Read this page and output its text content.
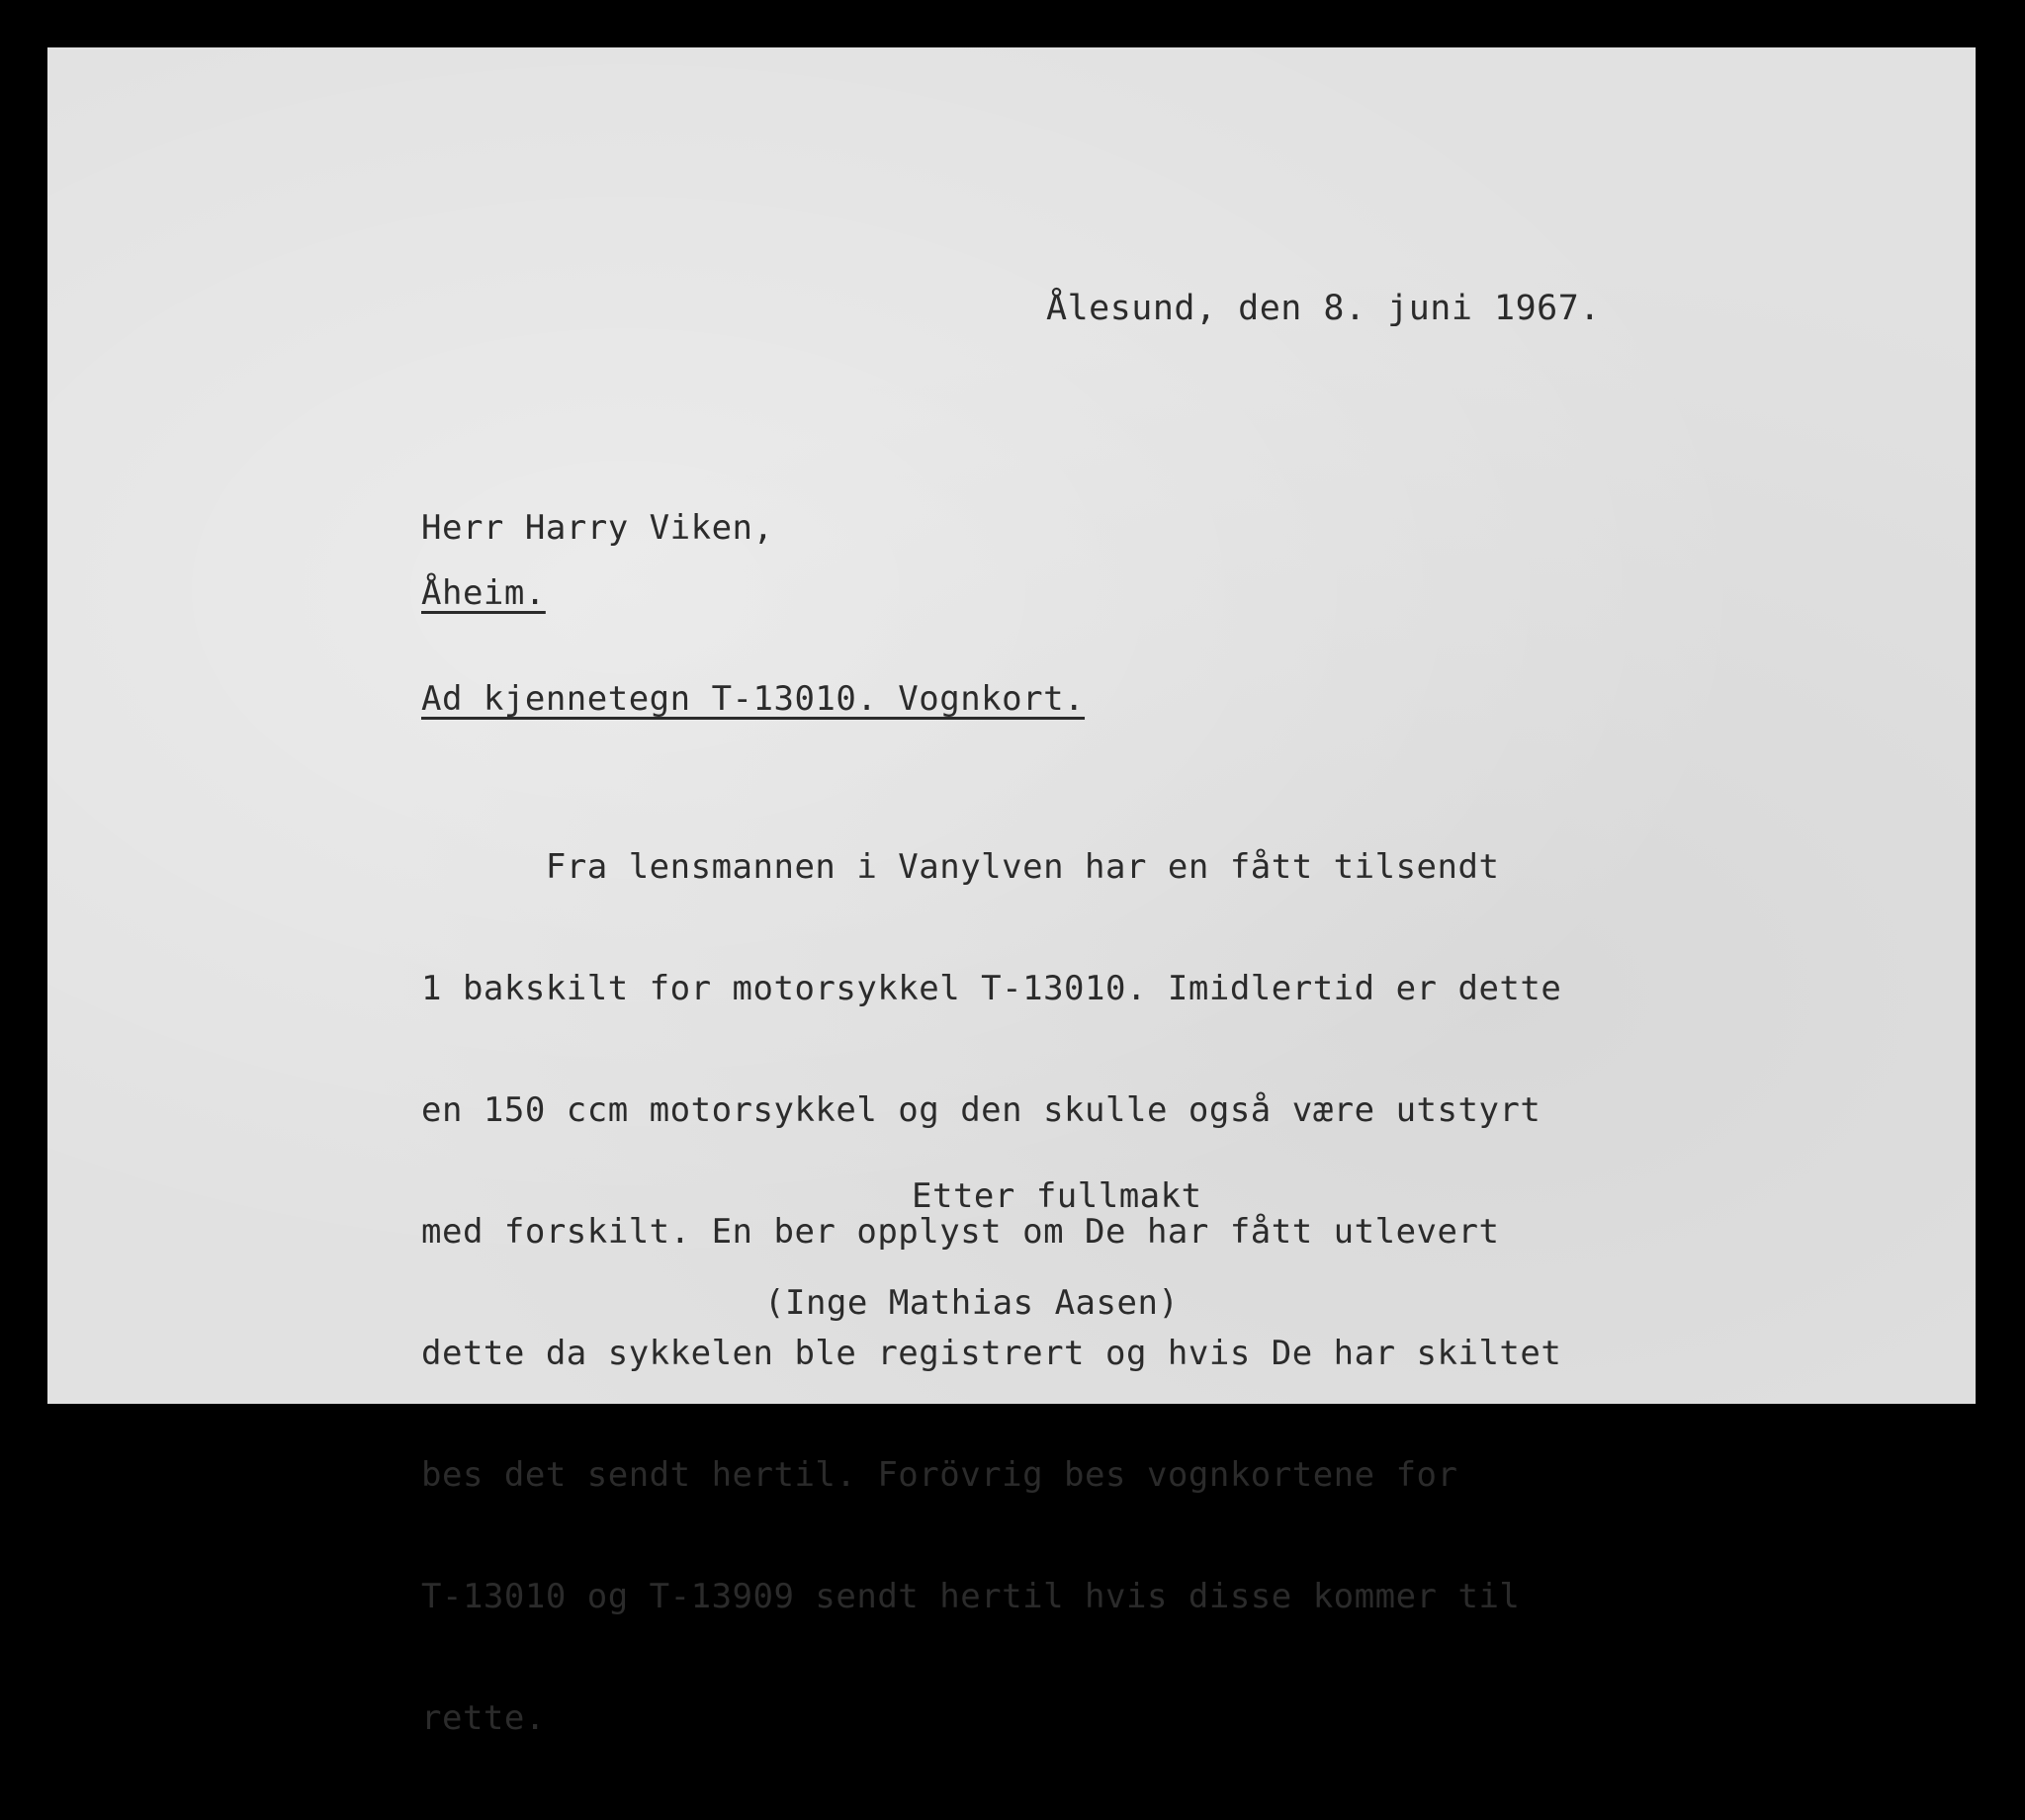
Ålesund, den 8. juni 1967.

Herr Harry Viken,

Åheim.

Ad kjennetegn T-13010. Vognkort.

Fra lensmannen i Vanylven har en fått tilsendt

1 bakskilt for motorsykkel T-13010. Imidlertid er dette

en 150 ccm motorsykkel og den skulle også være utstyrt

med forskilt. En ber opplyst om De har fått utlevert

dette da sykkelen ble registrert og hvis De har skiltet

bes det sendt hertil. Forövrig bes vognkortene for

T-13010 og T-13909 sendt hertil hvis disse kommer til

rette.

Etter fullmakt

(Inge Mathias Aasen)
